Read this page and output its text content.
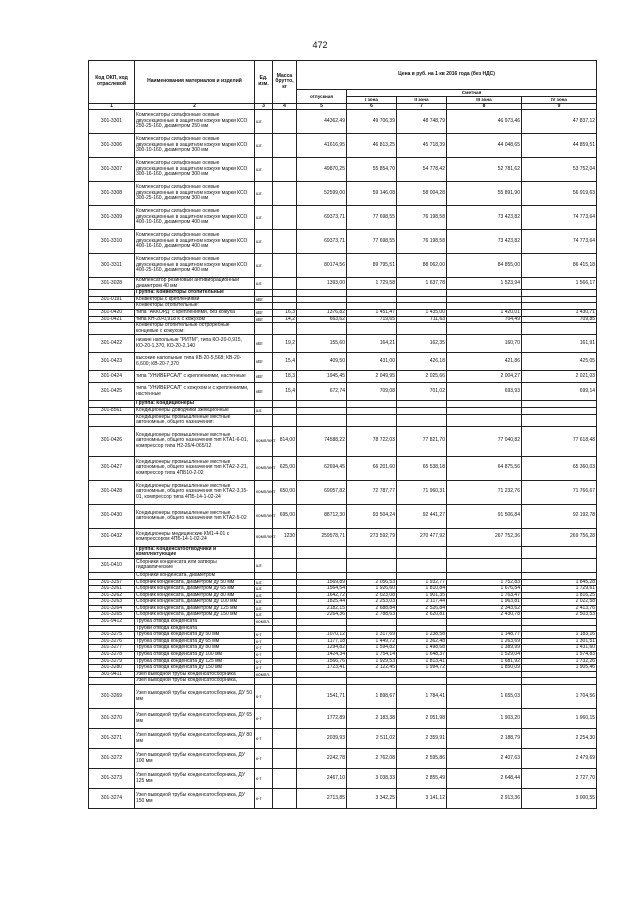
472
Код ОКП, код отраслевой	Наименования материалов и изделий	Ед. изм.	Масса брутто, кг	Цена в руб. на 1 кв 2016 года (без НДС)				
				отпускная	Сметная			
					I зона	II зона	III зона	IV зона
1	2	3	4	5	6	7	8	9
301-3301	Компенсаторы сильфонные осевые двухсекционные в защитном кожухе марки КСО 250-25-160, диаметром 250 мм	шт.		44362,49	49 706,39	48 748,79	46 973,46	47 837,12
301-3306	Компенсаторы сильфонные осевые двухсекционные в защитном кожухе марки КСО 300-10-160, диаметром 300 мм	шт.		41616,95	46 813,25	45 718,39	44 048,65	44 859,51
301-3307	Компенсаторы сильфонные осевые двухсекционные в защитном кожухе марки КСО 300-16-160, диаметром 300 мм	шт.		49870,25	55 854,70	54 778,42	52 781,62	53 752,04
301-3308	Компенсаторы сильфонные осевые двухсекционные в защитном кожухе марки КСО 300-25-160, диаметром 300 мм	шт.		52599,00	59 146,08	58 004,28	55 891,90	56 919,63
301-3309	Компенсаторы сильфонные осевые двухсекционные в защитном кожухе марки КСО 400-10-160, диаметром 400 мм	шт.		69373,71	77 698,55	76 198,58	73 423,82	74 773,64
301-3310	Компенсаторы сильфонные осевые двухсекционные в защитном кожухе марки КСО 400-16-160, диаметром 400 мм	шт.		69373,71	77 698,55	76 198,58	73 423,82	74 773,64
301-3311	Компенсаторы сильфонные осевые двухсекционные в защитном кожухе марки КСО 400-25-160, диаметром 400 мм	шт.		80174,56	89 795,51	88 062,00	84 855,00	86 415,18
301-3028	Компенсатор резиновый антивибрационный диаметром 40 мм	шт.		1393,00	1 729,58	1 637,78	1 523,94	1 566,17
	Группа: Конвекторы отопительные							
301-0191	Конвекторы с креплениями	кВт						
	Конвекторы отопительные:							
301-0420	типа "АККОРД" с креплениями, без кожуха	кВт	16,3	1376,82	1 451,47	1 435,00	1 420,01	1 430,71
301-0421	типа КН-20-0,918 К с кожухом	кВт	14,2	663,62	719,65	711,63	704,49	709,85
	Конвекторы отопительные остроребные концевые с кожухом:							
301-0422	низкие напольные "РИТМ", типа КО-20-0,915, КО-20-1,370, КО-20-2,140	кВт	19,2	155,60	164,21	162,35	160,70	161,91
301-0423	высокие напольные типа КВ-20-5,568; КВ-20-6,600; КВ-20-7,370	кВт	15,4	409,50	431,00	426,18	421,86	425,05
301-0424	типа "УНИВЕРСАЛ" с креплениями, настенные	кВт	18,3	1945,45	2 049,95	2 025,66	2 004,27	2 021,03
301-0425	типа "УНИВЕРСАЛ" с кожухом и с креплениями, настенные	кВт	15,4	672,74	709,08	701,02	693,93	699,14
	Группа: Кондиционеры							
301-8561	Кондиционеры доводчики эжекционные	шт.						
	Кондиционеры промышленные местные автономные, общего назначения:							
301-0426	Кондиционеры промышленные местные автономные, общего назначения тип КТА1-6-01, компрессор типа Н2-26/4-065/12	комплект	814,00	74588,22	78 722,03	77 821,70	77 040,82	77 618,48
301-0427	Кондиционеры промышленные местные автономные, общего назначения тип КТА2-2-21, компрессор типа 4ПБ10-2-02	комплект	625,00	62694,45	66 201,60	65 538,18	64 875,56	65 360,03
301-0428	Кондиционеры промышленные местные автономные, общего назначения тип КТА2-3,15-01, компрессор типа 4ПБ-14-1-02-24	комплект	650,00	69057,82	72 787,77	71 960,31	71 232,76	71 766,67
301-0430	Кондиционеры промышленные местные автономные, общего назначения тип КТА2-5-02	комплект	695,00	88712,30	93 504,24	92 441,27	91 506,84	92 192,78
301-0432	Кондиционеры медицинские КМ1-4-01 с компрессором 4ПБ-14-1-02-24	комплект	1230	259578,71	273 592,79	270 477,92	267 752,36	269 756,28
	Группа: Конденсатоотводчики и комплектующие							
301-0410	Сборники конденсата или затворы гидравлические	шт.						
	Сборники конденсата, диаметром							
301-3257	Сборник конденсата, диаметром ду 50 мм	шт.		1569,89	2 056,53	1 932,77	1 752,83	1 845,28
301-3261	Сборник конденсата, диаметром ду 65 мм	шт.		1564,54	1 926,60	1 810,84	1 676,54	1 729,61
301-3262	Сборник конденсата, диаметром ду 80 мм	шт.		1642,72	2 023,08	1 901,35	1 763,47	1 816,25
301-3263	Сборник конденсата, диаметром ду 100 мм	шт.		1825,44	2 253,03	2 117,44	1 963,81	2 022,58
301-3264	Сборник конденсата, диаметром ду 125 мм	шт.		2182,15	2 688,84	2 526,84	2 343,62	2 413,76
301-3265	Сборник конденсата, диаметром ду 150 мм	шт.		2264,36	2 788,63	2 620,81	2 430,78	2 503,53
301-9412	Трубка отвода конденсата	компл.						
	Трубки отвода конденсата							
301-3275	Трубка отвода конденсата ду 50 мм	к-т		1070,12	1 317,69	1 238,58	1 148,77	1 183,16
301-3276	Трубка отвода конденсата ду 65 мм	к-т		1177,18	1 449,72	1 362,48	1 263,69	1 301,51
301-3277	Трубка отвода конденсата ду 80 мм	к-т		1294,82	1 594,82	1 498,68	1 389,99	1 431,60
301-3278	Трубка отвода конденсата ду 100 мм	к-т		1424,34	1 754,14	1 648,37	1 529,04	1 574,83
301-3279	Трубка отвода конденсата ду 125 мм	к-т		1566,76	1 929,53	1 813,41	1 681,92	1 732,26
301-3280	Трубка отвода конденсата ду 150 мм	к-т		1723,41	2 122,45	1 994,72	1 850,09	1 905,46
301-9411	Узел выводной трубы конденсатосборника	компл.						
	Узел выводной трубы конденсатосборника,							
301-3269	Узел выводной трубы конденсатосборника, ДУ 50 мм	к-т		1541,71	1 898,67	1 784,41	1 655,03	1 704,56
301-3270	Узел выводной трубы конденсатосборника, ДУ 65 мм	к-т		1772,89	2 183,38	2 051,98	1 903,20	1 960,15
301-3271	Узел выводной трубы конденсатосборника, ДУ 80 мм	к-т		2039,93	2 511,02	2 359,91	2 188,79	2 254,30
301-3272	Узел выводной трубы конденсатосборника, ДУ 100 мм	к-т		2242,78	2 762,08	2 595,86	2 407,63	2 479,69
301-3273	Узел выводной трубы конденсатосборника, ДУ 125 мм	к-т		2467,10	3 038,33	2 855,49	2 648,44	2 727,70
301-3274	Узел выводной трубы конденсатосборника, ДУ 150 мм	к-т		2713,85	3 342,25	3 141,12	2 913,36	3 000,55
